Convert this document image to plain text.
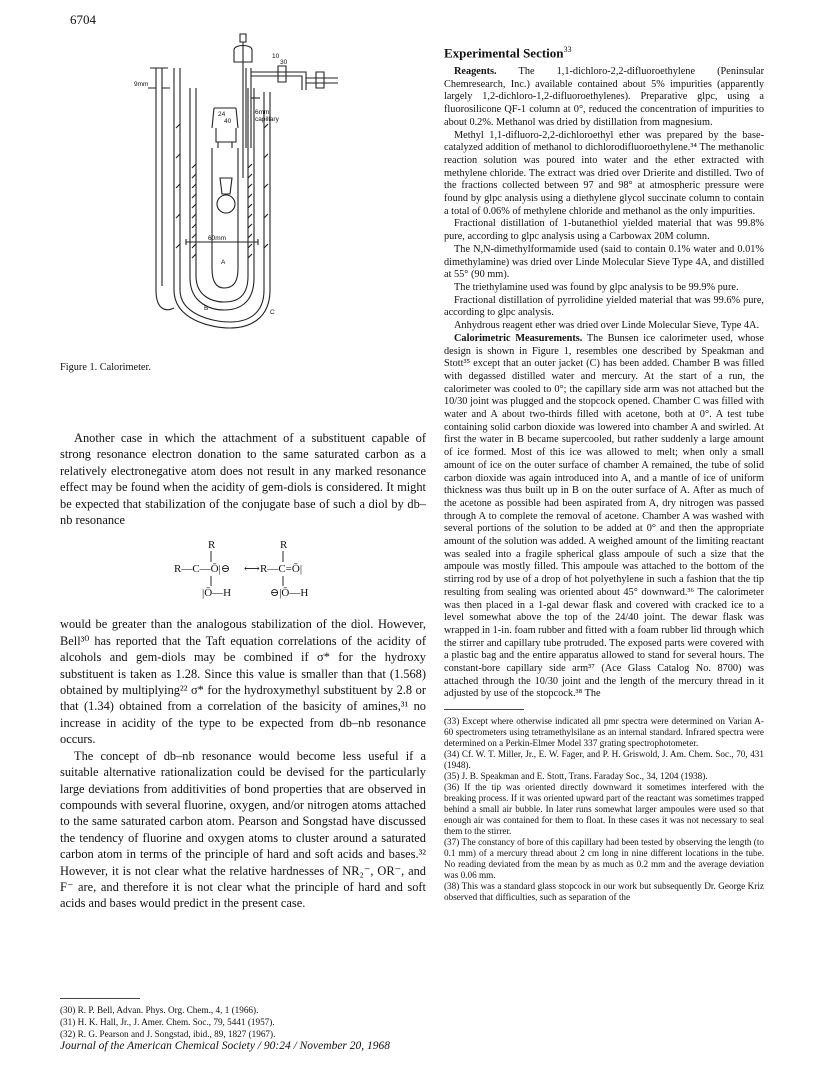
6704
9mm
10
30
6mm
capillary
24
40
60mm
A
B
C
Figure 1. Calorimeter.

Another case in which the attachment of a substituent capable of strong resonance electron donation to the same saturated carbon as a relatively electronegative atom does not result in any marked resonance effect may be found when the acidity of gem-diols is considered. It might be expected that stabilization of the conjugate base of such a diol by db–nb resonance

R
R—C—Ō|⊖
|Ō—H
⟷
R
R—C=Ō|
⊖|Ō—H

would be greater than the analogous stabilization of the diol. However, Bell³⁰ has reported that the Taft equation correlations of the acidity of alcohols and gem-diols may be combined if σ* for the hydroxy substituent is taken as 1.28. Since this value is smaller than that (1.568) obtained by multiplying²² σ* for the hydroxymethyl substituent by 2.8 or that (1.34) obtained from a correlation of the basicity of amines,³¹ no increase in acidity of the type to be expected from db–nb resonance occurs.

The concept of db–nb resonance would become less useful if a suitable alternative rationalization could be devised for the particularly large deviations from additivities of bond properties that are observed in compounds with several fluorine, oxygen, and/or nitrogen atoms attached to the same saturated carbon atom. Pearson and Songstad have discussed the tendency of fluorine and oxygen atoms to cluster around a saturated carbon atom in terms of the principle of hard and soft acids and bases.³² However, it is not clear what the relative hardnesses of NR₂⁻, OR⁻, and F⁻ are, and therefore it is not clear what the principle of hard and soft acids and bases would predict in the present case.

(30) R. P. Bell, Advan. Phys. Org. Chem., 4, 1 (1966).

(31) H. K. Hall, Jr., J. Amer. Chem. Soc., 79, 5441 (1957).

(32) R. G. Pearson and J. Songstad, ibid., 89, 1827 (1967).

Experimental Section$^{33}$

Reagents. The 1,1-dichloro-2,2-difluoroethylene (Peninsular Chemresearch, Inc.) available contained about 5% impurities (apparently largely 1,2-dichloro-1,2-difluoroethylenes). Preparative glpc, using a fluorosilicone QF-1 column at 0°, reduced the concentration of impurities to about 0.2%. Methanol was dried by distillation from magnesium.

Methyl 1,1-difluoro-2,2-dichloroethyl ether was prepared by the base-catalyzed addition of methanol to dichlorodifluoroethylene.³⁴ The methanolic reaction solution was poured into water and the ether extracted with methylene chloride. The extract was dried over Drierite and distilled. Two of the fractions collected between 97 and 98° at atmospheric pressure were found by glpc analysis using a diethylene glycol succinate column to contain a total of 0.06% of methylene chloride and methanol as the only impurities.

Fractional distillation of 1-butanethiol yielded material that was 99.8% pure, according to glpc analysis using a Carbowax 20M column.

The N,N-dimethylformamide used (said to contain 0.1% water and 0.01% dimethylamine) was dried over Linde Molecular Sieve Type 4A, and distilled at 55° (90 mm).

The triethylamine used was found by glpc analysis to be 99.9% pure.

Fractional distillation of pyrrolidine yielded material that was 99.6% pure, according to glpc analysis.

Anhydrous reagent ether was dried over Linde Molecular Sieve, Type 4A.

Calorimetric Measurements. The Bunsen ice calorimeter used, whose design is shown in Figure 1, resembles one described by Speakman and Stott³⁵ except that an outer jacket (C) has been added. Chamber B was filled with degassed distilled water and mercury. At the start of a run, the calorimeter was cooled to 0°; the capillary side arm was not attached but the 10/30 joint was plugged and the stopcock opened. Chamber C was filled with water and A about two-thirds filled with acetone, both at 0°. A test tube containing solid carbon dioxide was lowered into chamber A and swirled. At first the water in B became supercooled, but rather suddenly a large amount of ice formed. Most of this ice was allowed to melt; when only a small amount of ice on the outer surface of chamber A remained, the tube of solid carbon dioxide was again introduced into A, and a mantle of ice of uniform thickness was thus built up in B on the outer surface of A. After as much of the acetone as possible had been aspirated from A, dry nitrogen was passed through A to complete the removal of acetone. Chamber A was washed with several portions of the solution to be added at 0° and then the appropriate amount of the solution was added. A weighed amount of the limiting reactant was sealed into a fragile spherical glass ampoule of such a size that the ampoule was mostly filled. This ampoule was attached to the bottom of the stirring rod by use of a drop of hot polyethylene in such a fashion that the tip resulting from sealing was oriented about 45° downward.³⁶ The calorimeter was then placed in a 1-gal dewar flask and covered with cracked ice to a level somewhat above the top of the 24/40 joint. The dewar flask was wrapped in 1-in. foam rubber and fitted with a foam rubber lid through which the stirrer and capillary tube protruded. The exposed parts were covered with a plastic bag and the entire apparatus allowed to stand for several hours. The constant-bore capillary side arm³⁷ (Ace Glass Catalog No. 8700) was attached through the 10/30 joint and the length of the mercury thread in it adjusted by use of the stopcock.³⁸ The

(33) Except where otherwise indicated all pmr spectra were determined on Varian A-60 spectrometers using tetramethylsilane as an internal standard. Infrared spectra were determined on a Perkin-Elmer Model 337 grating spectrophotometer.

(34) Cf. W. T. Miller, Jr., E. W. Fager, and P. H. Griswold, J. Am. Chem. Soc., 70, 431 (1948).

(35) J. B. Speakman and E. Stott, Trans. Faraday Soc., 34, 1204 (1938).

(36) If the tip was oriented directly downward it sometimes interfered with the breaking process. If it was oriented upward part of the reactant was sometimes trapped behind a small air bubble. In later runs somewhat larger ampoules were used so that enough air was contained for them to float. In these cases it was not necessary to seal them to the stirrer.

(37) The constancy of bore of this capillary had been tested by observing the length (to 0.1 mm) of a mercury thread about 2 cm long in nine different locations in the tube. No reading deviated from the mean by as much as 0.2 mm and the average deviation was 0.06 mm.

(38) This was a standard glass stopcock in our work but subsequently Dr. George Kriz observed that difficulties, such as separation of the

Journal of the American Chemical Society / 90:24 / November 20, 1968
